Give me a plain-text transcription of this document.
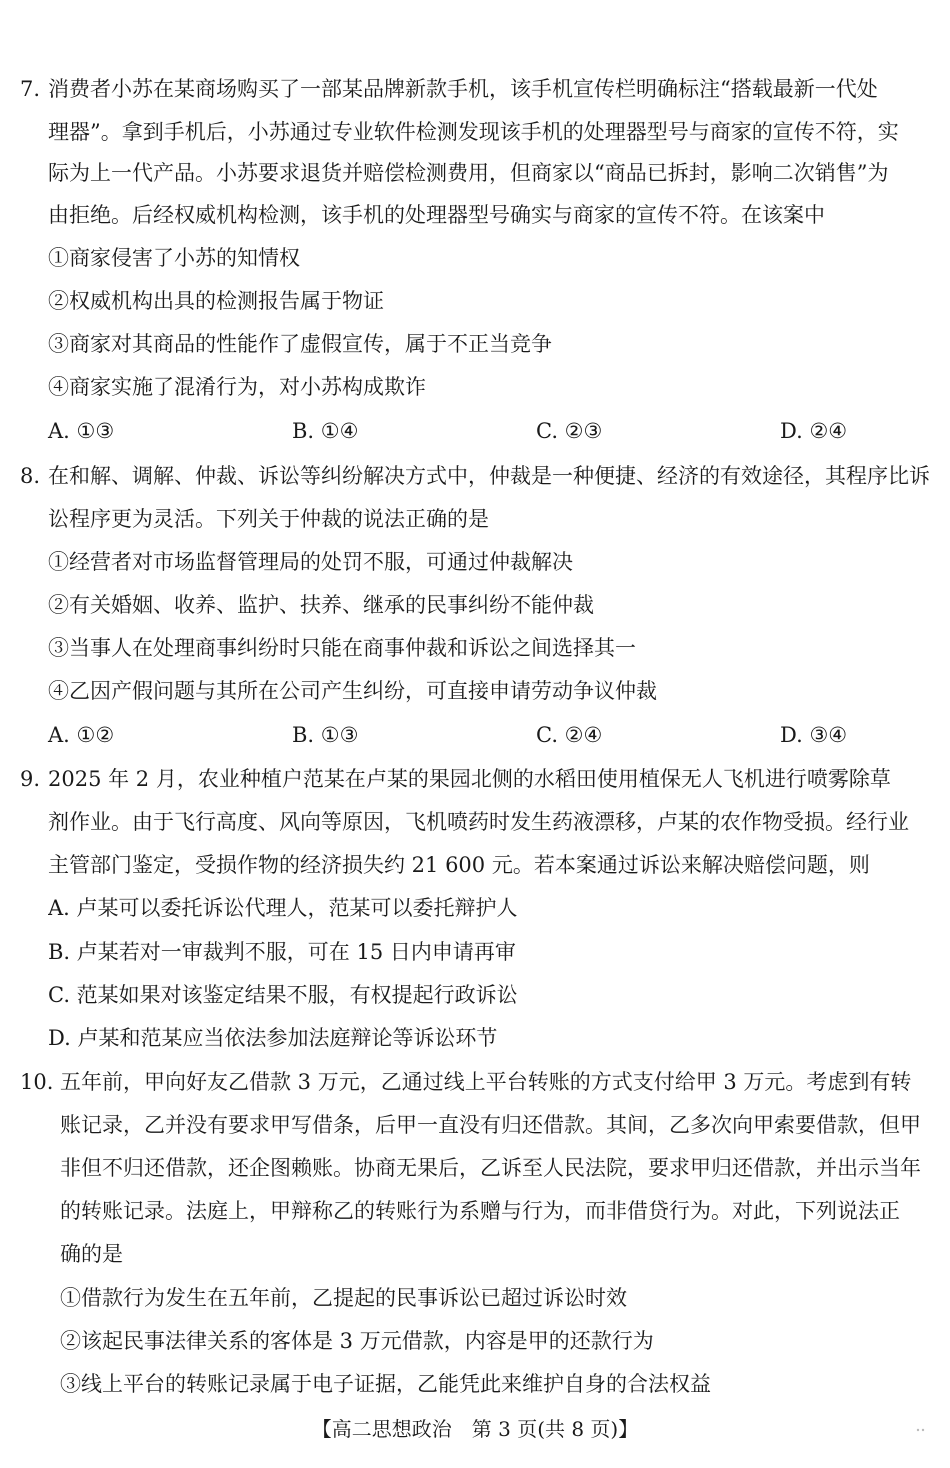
7. 消费者小苏在某商场购买了一部某品牌新款手机，该手机宣传栏明确标注“搭载最新一代处
理器”。拿到手机后，小苏通过专业软件检测发现该手机的处理器型号与商家的宣传不符，实
际为上一代产品。小苏要求退货并赔偿检测费用，但商家以“商品已拆封，影响二次销售”为
由拒绝。后经权威机构检测，该手机的处理器型号确实与商家的宣传不符。在该案中
①商家侵害了小苏的知情权
②权威机构出具的检测报告属于物证
③商家对其商品的性能作了虚假宣传，属于不正当竞争
④商家实施了混淆行为，对小苏构成欺诈
A. ①③	B. ①④	C. ②③	D. ②④
8. 在和解、调解、仲裁、诉讼等纠纷解决方式中，仲裁是一种便捷、经济的有效途径，其程序比诉
讼程序更为灵活。下列关于仲裁的说法正确的是
①经营者对市场监督管理局的处罚不服，可通过仲裁解决
②有关婚姻、收养、监护、扶养、继承的民事纠纷不能仲裁
③当事人在处理商事纠纷时只能在商事仲裁和诉讼之间选择其一
④乙因产假问题与其所在公司产生纠纷，可直接申请劳动争议仲裁
A. ①②	B. ①③	C. ②④	D. ③④
9. 2025 年 2 月，农业种植户范某在卢某的果园北侧的水稻田使用植保无人飞机进行喷雾除草
剂作业。由于飞行高度、风向等原因，飞机喷药时发生药液漂移，卢某的农作物受损。经行业
主管部门鉴定，受损作物的经济损失约 21 600 元。若本案通过诉讼来解决赔偿问题，则
A. 卢某可以委托诉讼代理人，范某可以委托辩护人
B. 卢某若对一审裁判不服，可在 15 日内申请再审
C. 范某如果对该鉴定结果不服，有权提起行政诉讼
D. 卢某和范某应当依法参加法庭辩论等诉讼环节
10. 五年前，甲向好友乙借款 3 万元，乙通过线上平台转账的方式支付给甲 3 万元。考虑到有转
账记录，乙并没有要求甲写借条，后甲一直没有归还借款。其间，乙多次向甲索要借款，但甲
非但不归还借款，还企图赖账。协商无果后，乙诉至人民法院，要求甲归还借款，并出示当年
的转账记录。法庭上，甲辩称乙的转账行为系赠与行为，而非借贷行为。对此，下列说法正
确的是
①借款行为发生在五年前，乙提起的民事诉讼已超过诉讼时效
②该起民事法律关系的客体是 3 万元借款，内容是甲的还款行为
③线上平台的转账记录属于电子证据，乙能凭此来维护自身的合法权益
【高二思想政治　第 3 页(共 8 页)】
